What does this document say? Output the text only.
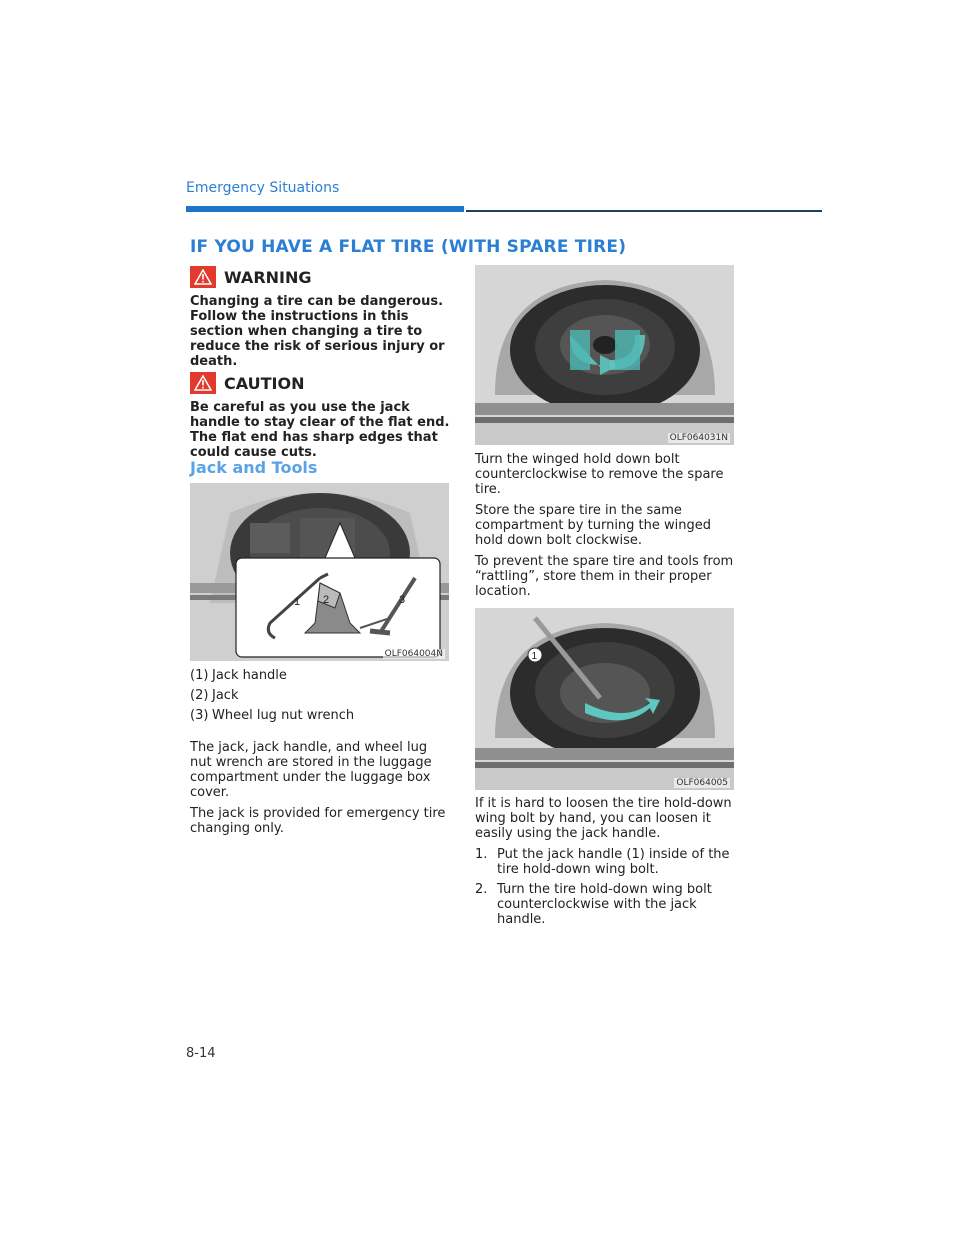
Emergency Situations
IF YOU HAVE A FLAT TIRE (WITH SPARE TIRE)
WARNING
Changing a tire can be dangerous. Follow the instructions in this section when changing a tire to reduce the risk of serious injury or death.
CAUTION
Be careful as you use the jack handle to stay clear of the flat end. The flat end has sharp edges that could cause cuts.
Jack and Tools
1 2	3
OLF064004N
(1) Jack handle
(2) Jack
(3) Wheel lug nut wrench

The jack, jack handle, and wheel lug nut wrench are stored in the luggage compartment under the luggage box cover.

The jack is provided for emergency tire changing only.

OLF064031N

Turn the winged hold down bolt counterclockwise to remove the spare tire.

Store the spare tire in the same compartment by turning the winged hold down bolt clockwise.

To prevent the spare tire and tools from “rattling”, store them in their proper location.

1
OLF064005

If it is hard to loosen the tire hold-down wing bolt by hand, you can loosen it easily using the jack handle.

1. Put the jack handle (1) inside of the tire hold-down wing bolt.
2. Turn the tire hold-down wing bolt counterclockwise with the jack handle.
8-14
